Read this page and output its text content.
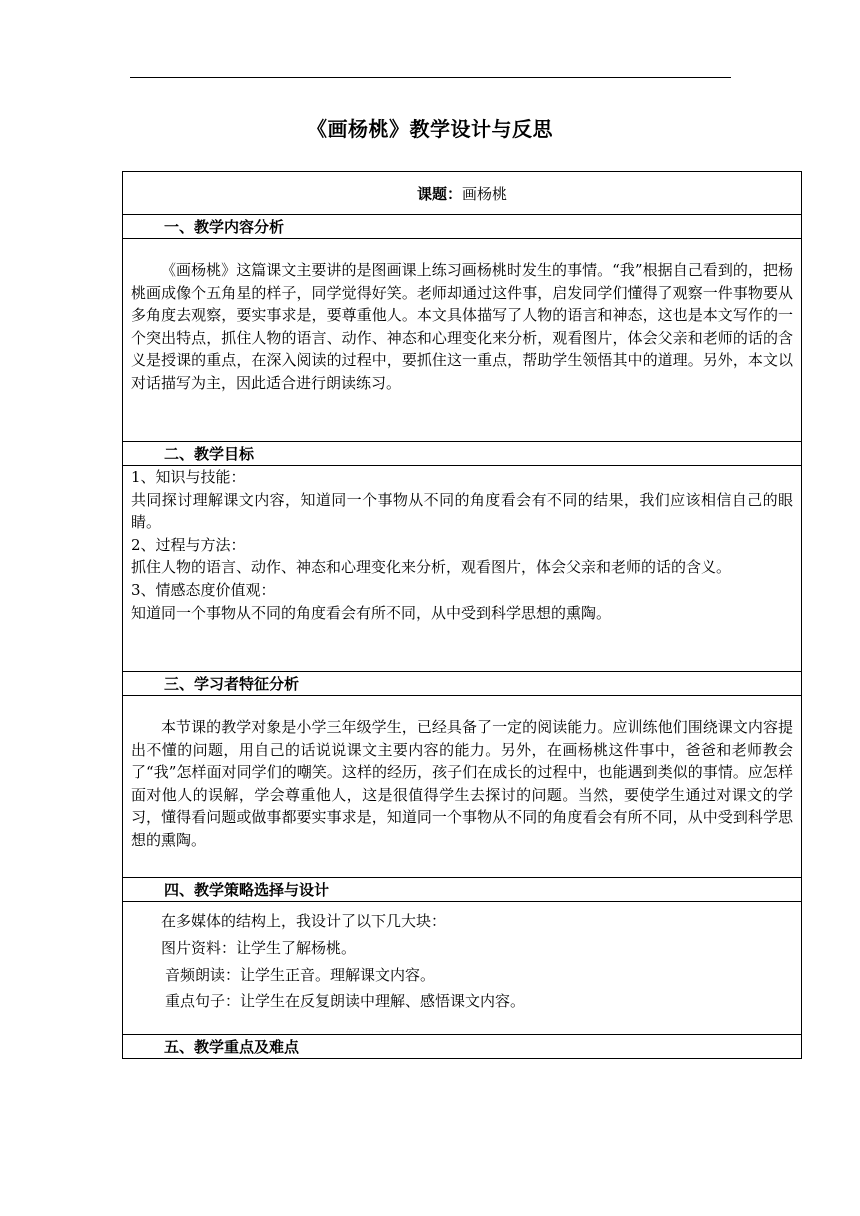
《画杨桃》教学设计与反思
课题： 画杨桃
一、教学内容分析
《画杨桃》这篇课文主要讲的是图画课上练习画杨桃时发生的事情。“我”根据自己看到的，把杨桃画成像个五角星的样子，同学觉得好笑。老师却通过这件事，启发同学们懂得了观察一件事物要从多角度去观察，要实事求是，要尊重他人。本文具体描写了人物的语言和神态，这也是本文写作的一个突出特点，抓住人物的语言、动作、神态和心理变化来分析，观看图片，体会父亲和老师的话的含义是授课的重点，在深入阅读的过程中，要抓住这一重点，帮助学生领悟其中的道理。另外，本文以对话描写为主，因此适合进行朗读练习。
二、教学目标
1、知识与技能：
共同探讨理解课文内容，知道同一个事物从不同的角度看会有不同的结果，我们应该相信自己的眼睛。
2、过程与方法：
抓住人物的语言、动作、神态和心理变化来分析，观看图片，体会父亲和老师的话的含义。
3、情感态度价值观：
知道同一个事物从不同的角度看会有所不同，从中受到科学思想的熏陶。
三、学习者特征分析
本节课的教学对象是小学三年级学生，已经具备了一定的阅读能力。应训练他们围绕课文内容提出不懂的问题，用自己的话说说课文主要内容的能力。另外，在画杨桃这件事中，爸爸和老师教会了“我”怎样面对同学们的嘲笑。这样的经历，孩子们在成长的过程中，也能遇到类似的事情。应怎样面对他人的误解，学会尊重他人，这是很值得学生去探讨的问题。当然，要使学生通过对课文的学习，懂得看问题或做事都要实事求是，知道同一个事物从不同的角度看会有所不同，从中受到科学思想的熏陶。
四、教学策略选择与设计
在多媒体的结构上，我设计了以下几大块：
图片资料：让学生了解杨桃。
音频朗读：让学生正音。理解课文内容。
重点句子：让学生在反复朗读中理解、感悟课文内容。
五、教学重点及难点
